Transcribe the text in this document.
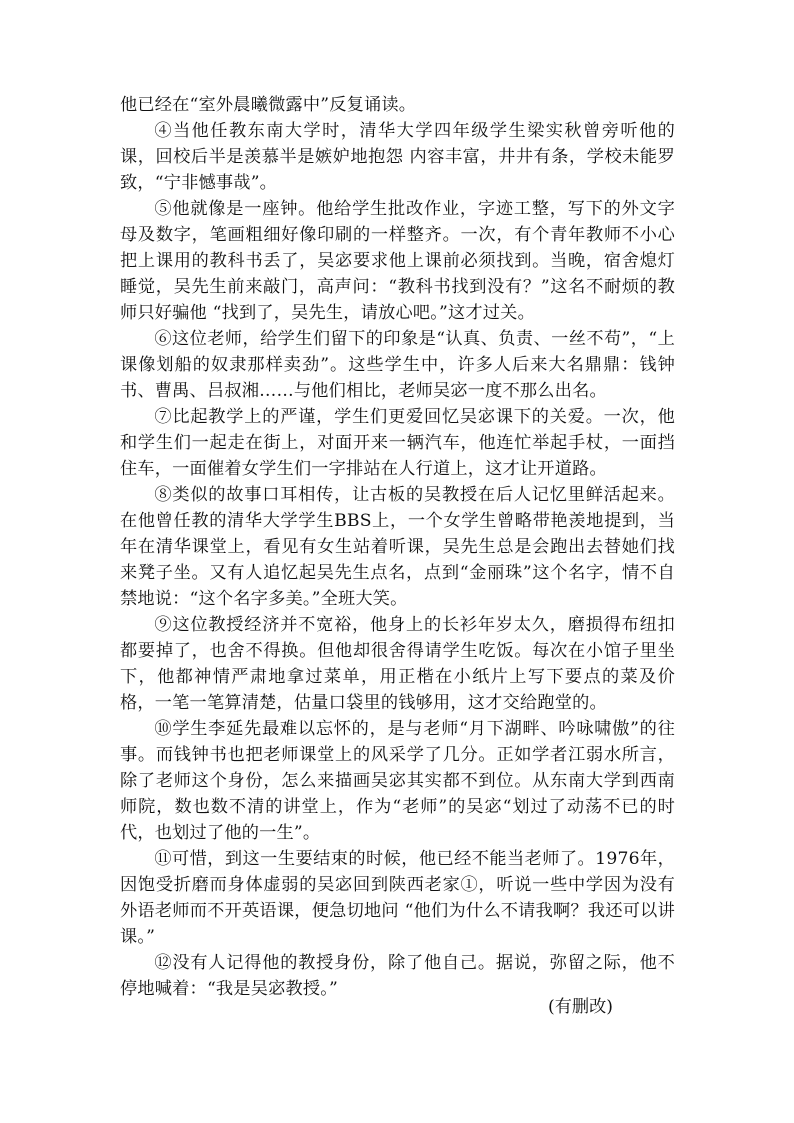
他已经在“室外晨曦微露中”反复诵读。

④当他任教东南大学时，清华大学四年级学生梁实秋曾旁听他的课，回校后半是羡慕半是嫉妒地抱怨 内容丰富，井井有条，学校未能罗致，“宁非憾事哉”。

⑤他就像是一座钟。他给学生批改作业，字迹工整，写下的外文字母及数字，笔画粗细好像印刷的一样整齐。一次，有个青年教师不小心把上课用的教科书丢了，吴宓要求他上课前必须找到。当晚，宿舍熄灯睡觉，吴先生前来敲门，高声问：“教科书找到没有？”这名不耐烦的教师只好骗他 “找到了，吴先生，请放心吧。”这才过关。

⑥这位老师，给学生们留下的印象是“认真、负责、一丝不苟”，“上课像划船的奴隶那样卖劲”。这些学生中，许多人后来大名鼎鼎：钱钟书、曹禺、吕叔湘……与他们相比，老师吴宓一度不那么出名。

⑦比起教学上的严谨，学生们更爱回忆吴宓课下的关爱。一次，他和学生们一起走在街上，对面开来一辆汽车，他连忙举起手杖，一面挡住车，一面催着女学生们一字排站在人行道上，这才让开道路。

⑧类似的故事口耳相传，让古板的吴教授在后人记忆里鲜活起来。在他曾任教的清华大学学生BBS上，一个女学生曾略带艳羡地提到，当年在清华课堂上，看见有女生站着听课，吴先生总是会跑出去替她们找来凳子坐。又有人追忆起吴先生点名，点到“金丽珠”这个名字，情不自禁地说：“这个名字多美。”全班大笑。

⑨这位教授经济并不宽裕，他身上的长衫年岁太久，磨损得布纽扣都要掉了，也舍不得换。但他却很舍得请学生吃饭。每次在小馆子里坐下，他都神情严肃地拿过菜单，用正楷在小纸片上写下要点的菜及价格，一笔一笔算清楚，估量口袋里的钱够用，这才交给跑堂的。

⑩学生李延先最难以忘怀的，是与老师“月下湖畔、吟咏啸傲”的往事。而钱钟书也把老师课堂上的风采学了几分。正如学者江弱水所言，除了老师这个身份，怎么来描画吴宓其实都不到位。从东南大学到西南师院，数也数不清的讲堂上，作为“老师”的吴宓“划过了动荡不已的时代，也划过了他的一生”。

⑪可惜，到这一生要结束的时候，他已经不能当老师了。1976年，因饱受折磨而身体虚弱的吴宓回到陕西老家①，听说一些中学因为没有外语老师而不开英语课，便急切地问 “他们为什么不请我啊？我还可以讲课。”

⑫没有人记得他的教授身份，除了他自己。据说，弥留之际，他不停地喊着：“我是吴宓教授。”

(有删改)
